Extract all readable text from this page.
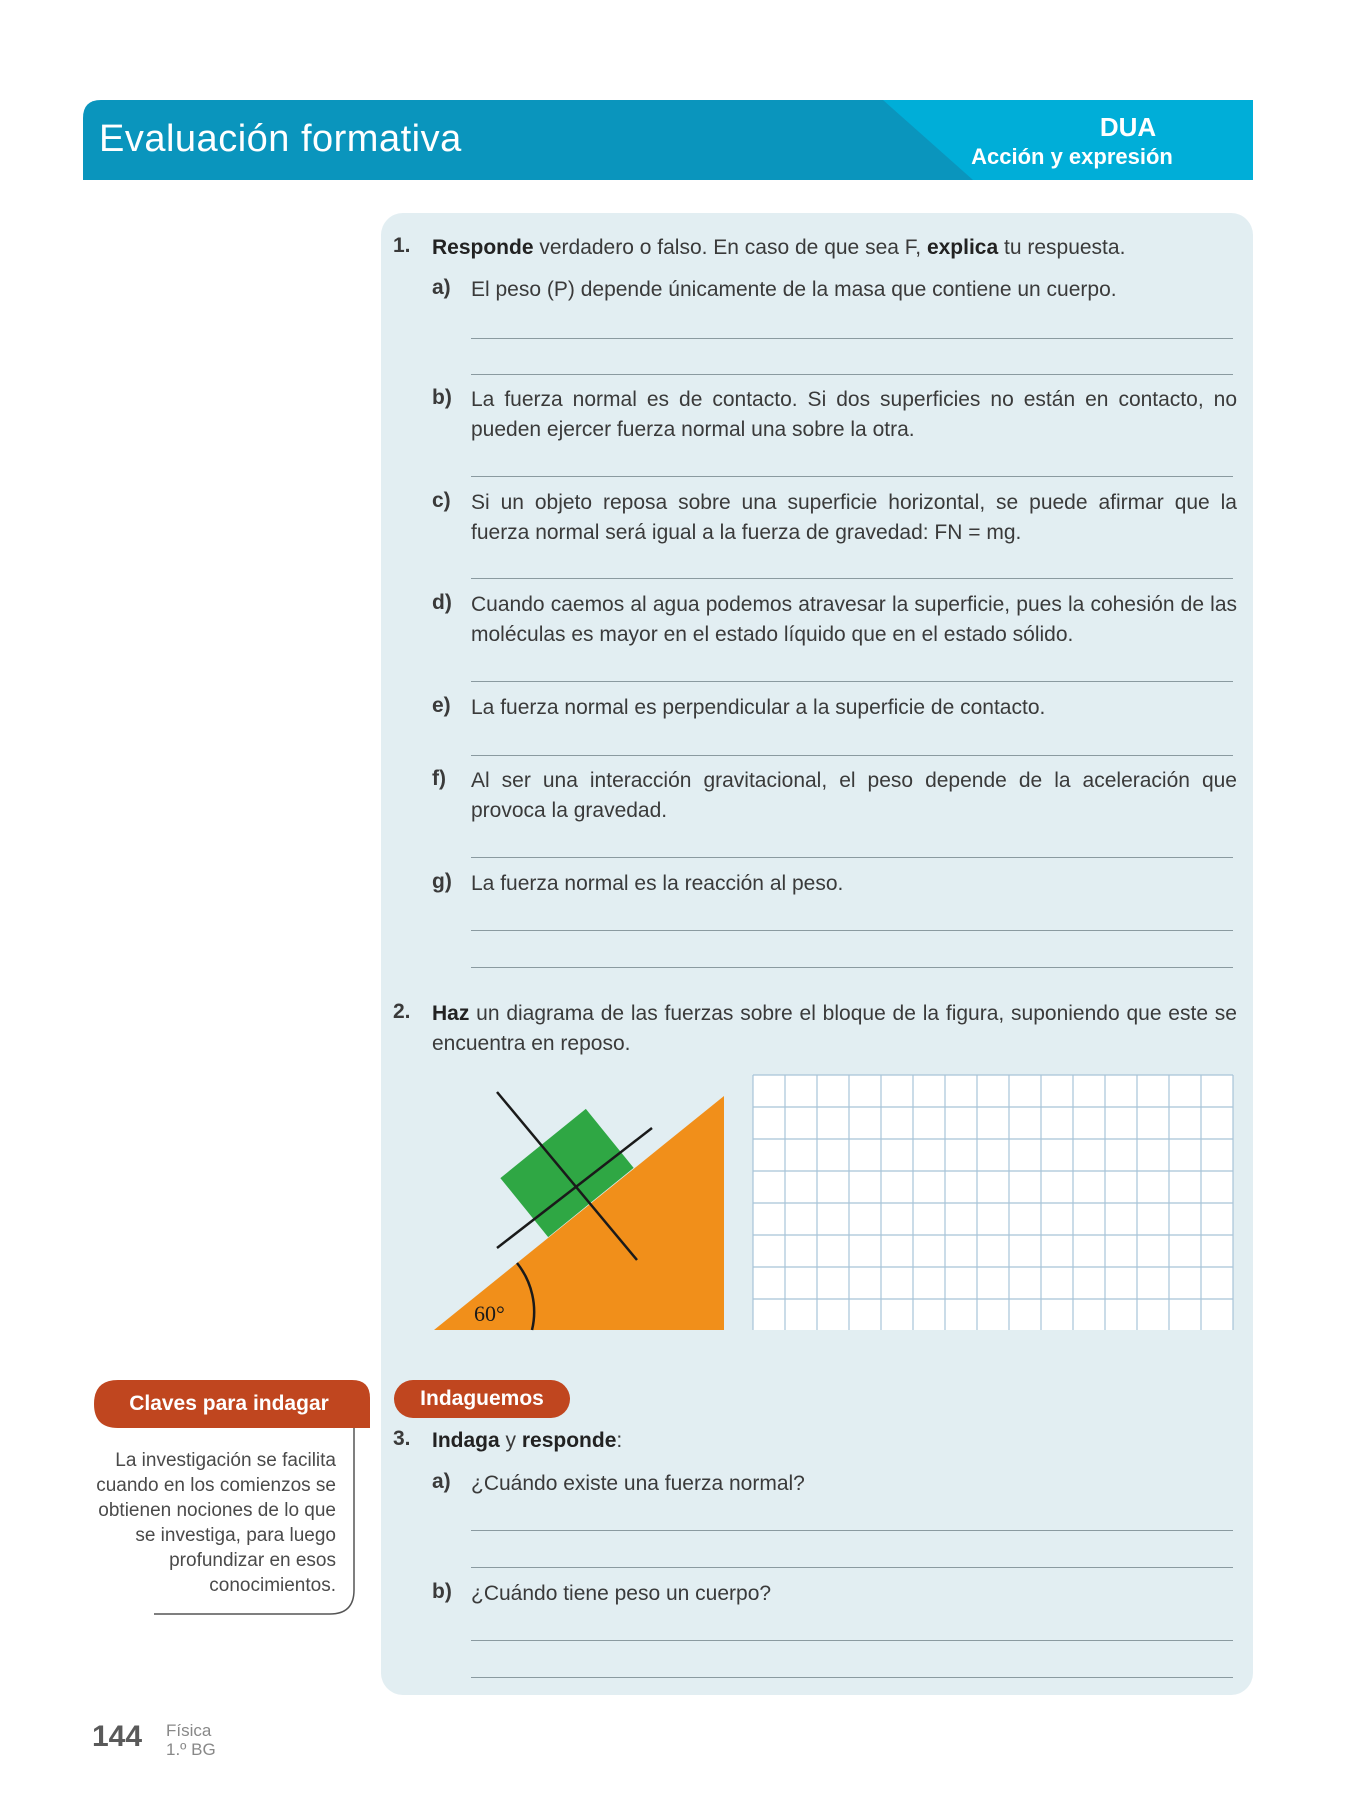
Evaluación formativa	DUA
Acción y expresión
1. Responde verdadero o falso. En caso de que sea F, explica tu respuesta.
a) El peso (P) depende únicamente de la masa que contiene un cuerpo.
b) La fuerza normal es de contacto. Si dos superficies no están en contacto, no pueden ejercer fuerza normal una sobre la otra.
c) Si un objeto reposa sobre una superficie horizontal, se puede afirmar que la fuerza normal será igual a la fuerza de gravedad: FN = mg.
d) Cuando caemos al agua podemos atravesar la superficie, pues la cohesión de las moléculas es mayor en el estado líquido que en el estado sólido.
e) La fuerza normal es perpendicular a la superficie de contacto.
f) Al ser una interacción gravitacional, el peso depende de la aceleración que provoca la gravedad.
g) La fuerza normal es la reacción al peso.
2. Haz un diagrama de las fuerzas sobre el bloque de la figura, suponiendo que este se encuentra en reposo.
60°
Indaguemos
3. Indaga y responde:
a) ¿Cuándo existe una fuerza normal?
b) ¿Cuándo tiene peso un cuerpo?
Claves para indagar
La investigación se facilita cuando en los comienzos se obtienen nociones de lo que se investiga, para luego profundizar en esos conocimientos.
144 Física
1.º BG
